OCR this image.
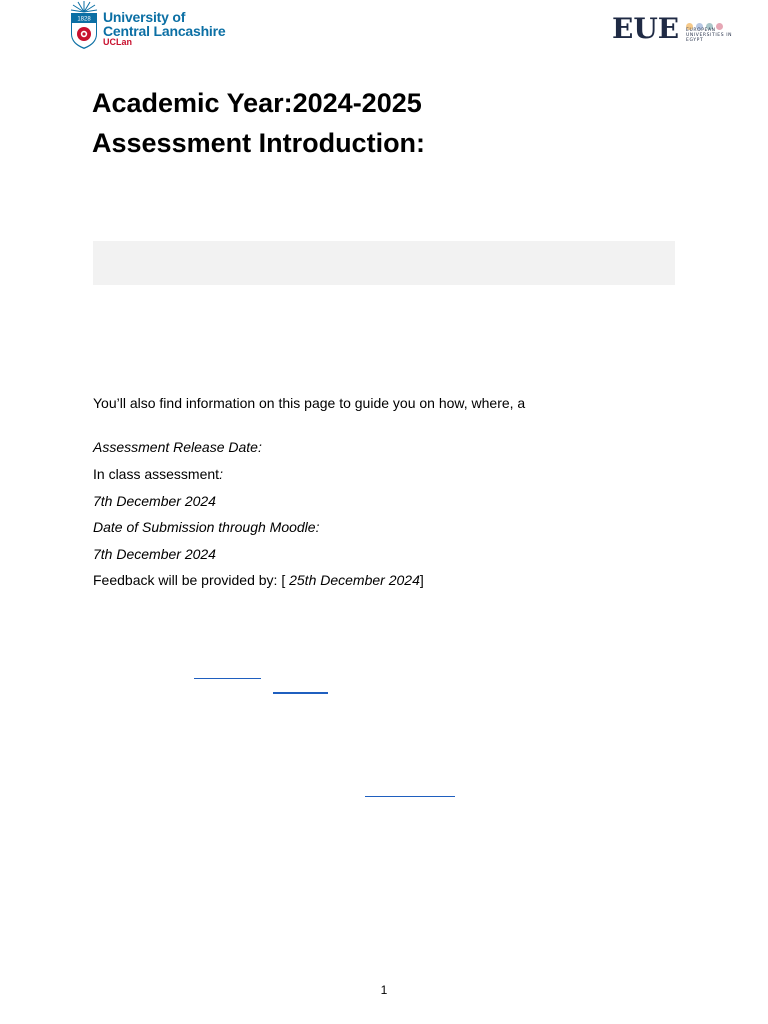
1828 University of
Central Lancashire
UCLan	EUE EUROPEAN UNIVERSITIES IN EGYPT
Academic Year:2024-2025
Assessment Introduction:
You’ll also find information on this page to guide you on how, where, a
Assessment Release Date:
In class assessment:
7th December 2024
Date of Submission through Moodle:
7th December 2024
Feedback will be provided by: [ 25th December 2024]
1
